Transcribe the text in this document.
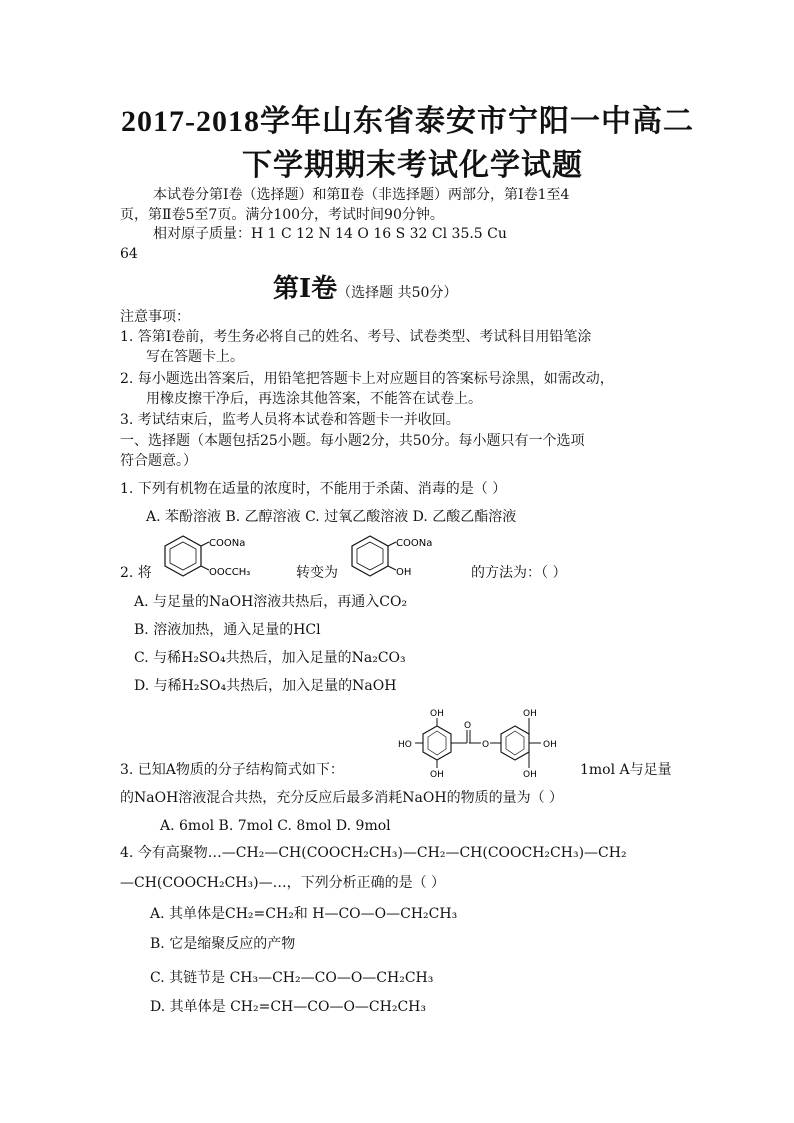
2017-2018学年山东省泰安市宁阳一中高二
下学期期末考试化学试题
本试卷分第Ⅰ卷（选择题）和第Ⅱ卷（非选择题）两部分，第Ⅰ卷1至4
页，第Ⅱ卷5至7页。满分100分，考试时间90分钟。
相对原子质量：H 1 C 12 N 14 O 16 S 32 Cl 35.5 Cu
64
第Ⅰ卷（选择题 共50分）
注意事项：
1. 答第Ⅰ卷前，考生务必将自己的姓名、考号、试卷类型、考试科目用铅笔涂
写在答题卡上。
2. 每小题选出答案后，用铅笔把答题卡上对应题目的答案标号涂黑，如需改动，
用橡皮擦干净后，再选涂其他答案，不能答在试卷上。
3. 考试结束后，监考人员将本试卷和答题卡一并收回。
一、选择题（本题包括25小题。每小题2分，共50分。每小题只有一个选项
符合题意。）
1. 下列有机物在适量的浓度时，不能用于杀菌、消毒的是（ ）
A. 苯酚溶液 B. 乙醇溶液 C. 过氧乙酸溶液 D. 乙酸乙酯溶液
2. 将
COONa
OOCCH₃	转变为
COONa
OH	的方法为：（ ）
A. 与足量的NaOH溶液共热后，再通入CO₂
B. 溶液加热，通入足量的HCl
C. 与稀H₂SO₄共热后，加入足量的Na₂CO₃
D. 与稀H₂SO₄共热后，加入足量的NaOH
3. 已知A物质的分子结构简式如下：
OH
HO
OH
O
O
OH
OH
OH	1mol A与足量
的NaOH溶液混合共热，充分反应后最多消耗NaOH的物质的量为（ ）
A. 6mol B. 7mol C. 8mol D. 9mol
4. 今有高聚物…—CH₂—CH(COOCH₂CH₃)—CH₂—CH(COOCH₂CH₃)—CH₂
—CH(COOCH₂CH₃)—…，下列分析正确的是（ ）
A. 其单体是CH₂=CH₂和 H—CO—O—CH₂CH₃
B. 它是缩聚反应的产物
C. 其链节是 CH₃—CH₂—CO—O—CH₂CH₃
D. 其单体是 CH₂=CH—CO—O—CH₂CH₃
